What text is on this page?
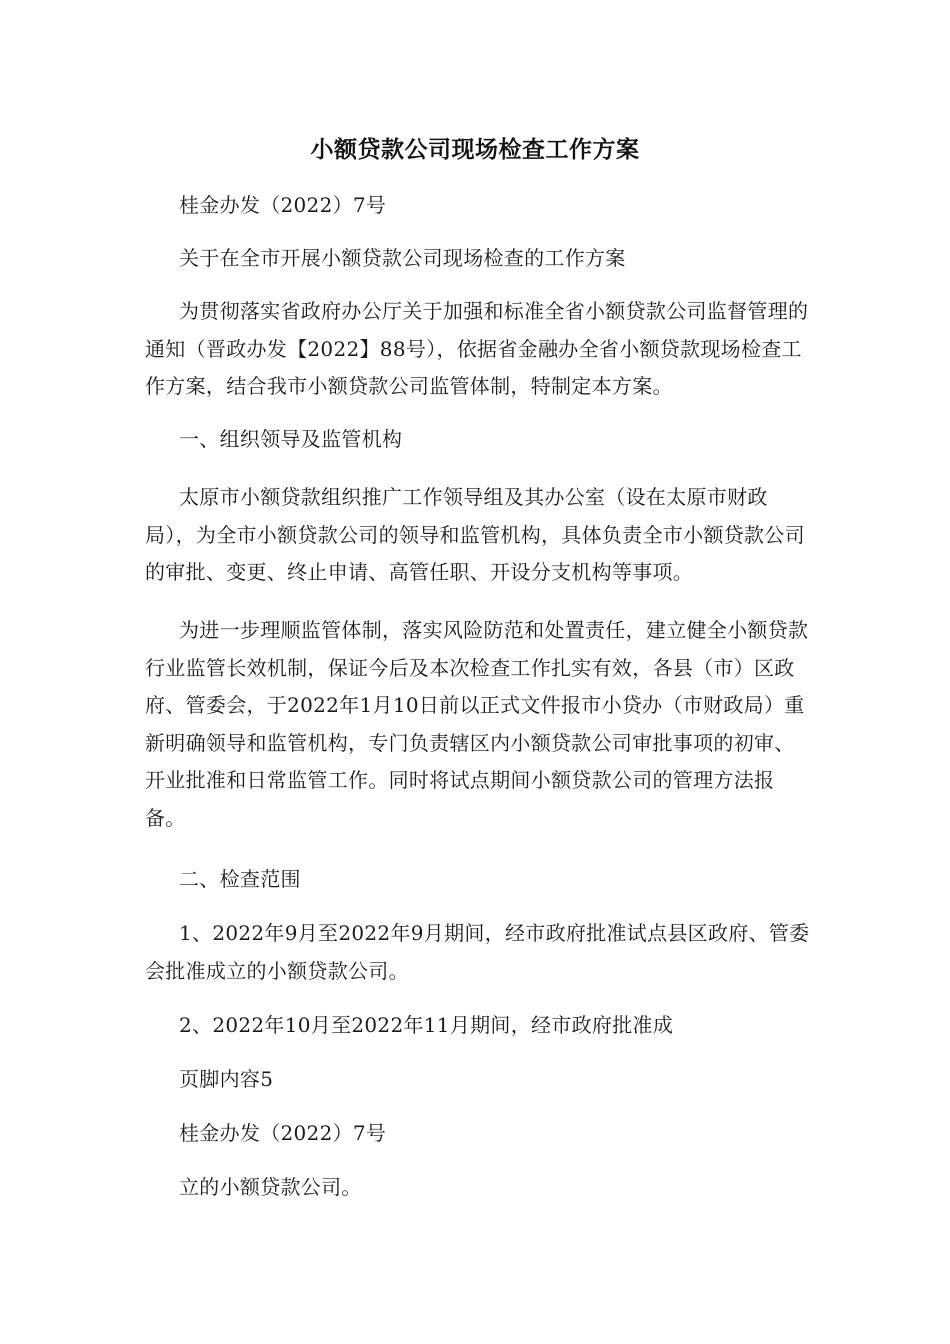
小额贷款公司现场检查工作方案

桂金办发（2022）7号

关于在全市开展小额贷款公司现场检查的工作方案

为贯彻落实省政府办公厅关于加强和标准全省小额贷款公司监督管理的通知（晋政办发【2022】88号），依据省金融办全省小额贷款现场检查工作方案，结合我市小额贷款公司监管体制，特制定本方案。

一、组织领导及监管机构

太原市小额贷款组织推广工作领导组及其办公室（设在太原市财政局），为全市小额贷款公司的领导和监管机构，具体负责全市小额贷款公司的审批、变更、终止申请、高管任职、开设分支机构等事项。

为进一步理顺监管体制，落实风险防范和处置责任，建立健全小额贷款行业监管长效机制，保证今后及本次检查工作扎实有效，各县（市）区政府、管委会，于2022年1月10日前以正式文件报市小贷办（市财政局）重新明确领导和监管机构，专门负责辖区内小额贷款公司审批事项的初审、开业批准和日常监管工作。同时将试点期间小额贷款公司的管理方法报备。

二、检查范围

1、2022年9月至2022年9月期间，经市政府批准试点县区政府、管委会批准成立的小额贷款公司。

2、2022年10月至2022年11月期间，经市政府批准成

页脚内容5

桂金办发（2022）7号

立的小额贷款公司。
